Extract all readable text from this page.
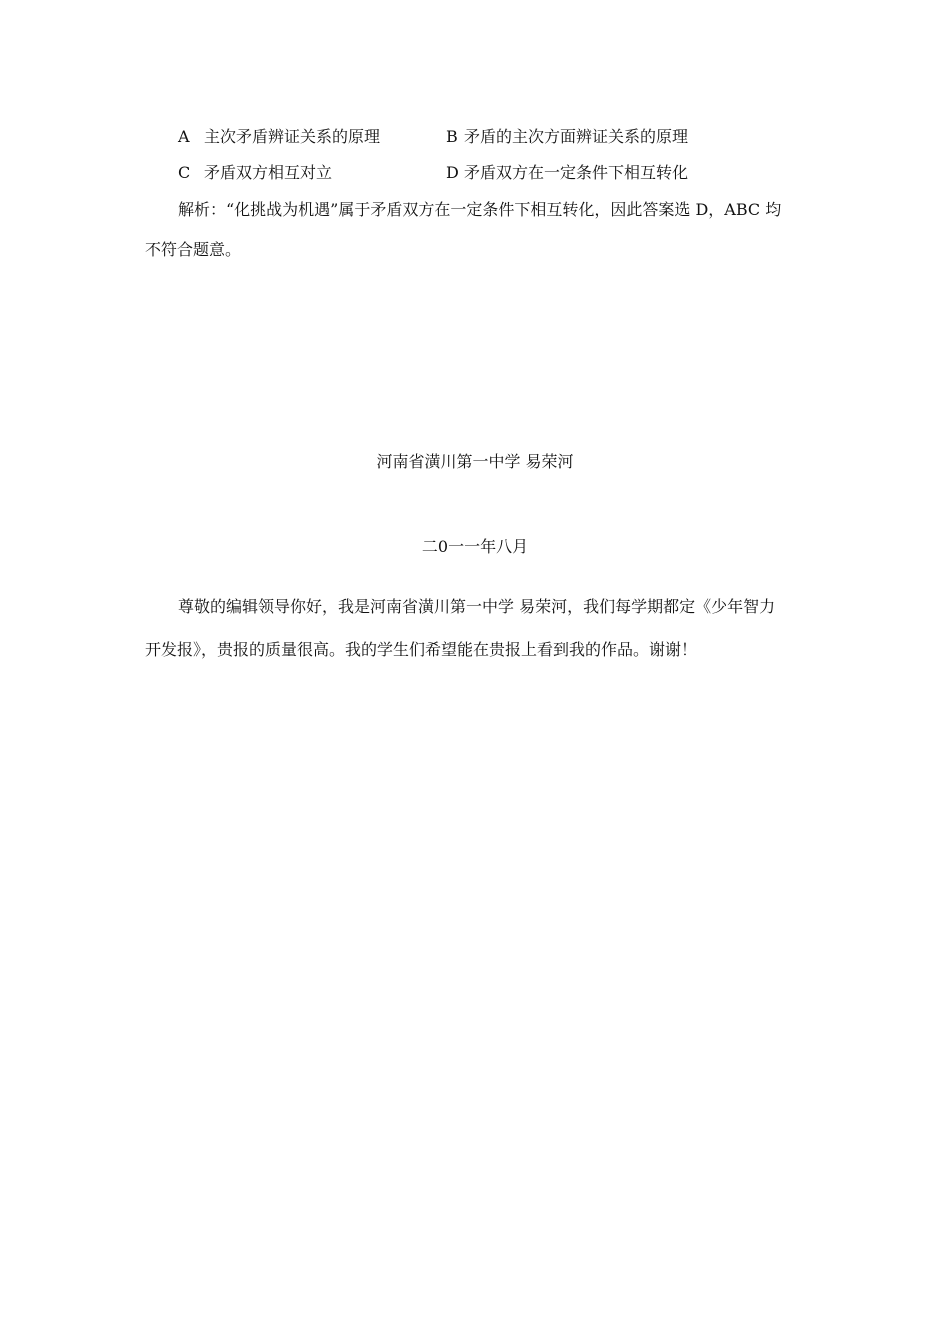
A 主次矛盾辨证关系的原理	B 矛盾的主次方面辨证关系的原理
C 矛盾双方相互对立	D 矛盾双方在一定条件下相互转化
解析：“化挑战为机遇”属于矛盾双方在一定条件下相互转化，因此答案选 D，ABC 均
不符合题意。
河南省潢川第一中学 易荣河
二0一一年八月
尊敬的编辑领导你好，我是河南省潢川第一中学 易荣河，我们每学期都定《少年智力
开发报》，贵报的质量很高。我的学生们希望能在贵报上看到我的作品。谢谢！
